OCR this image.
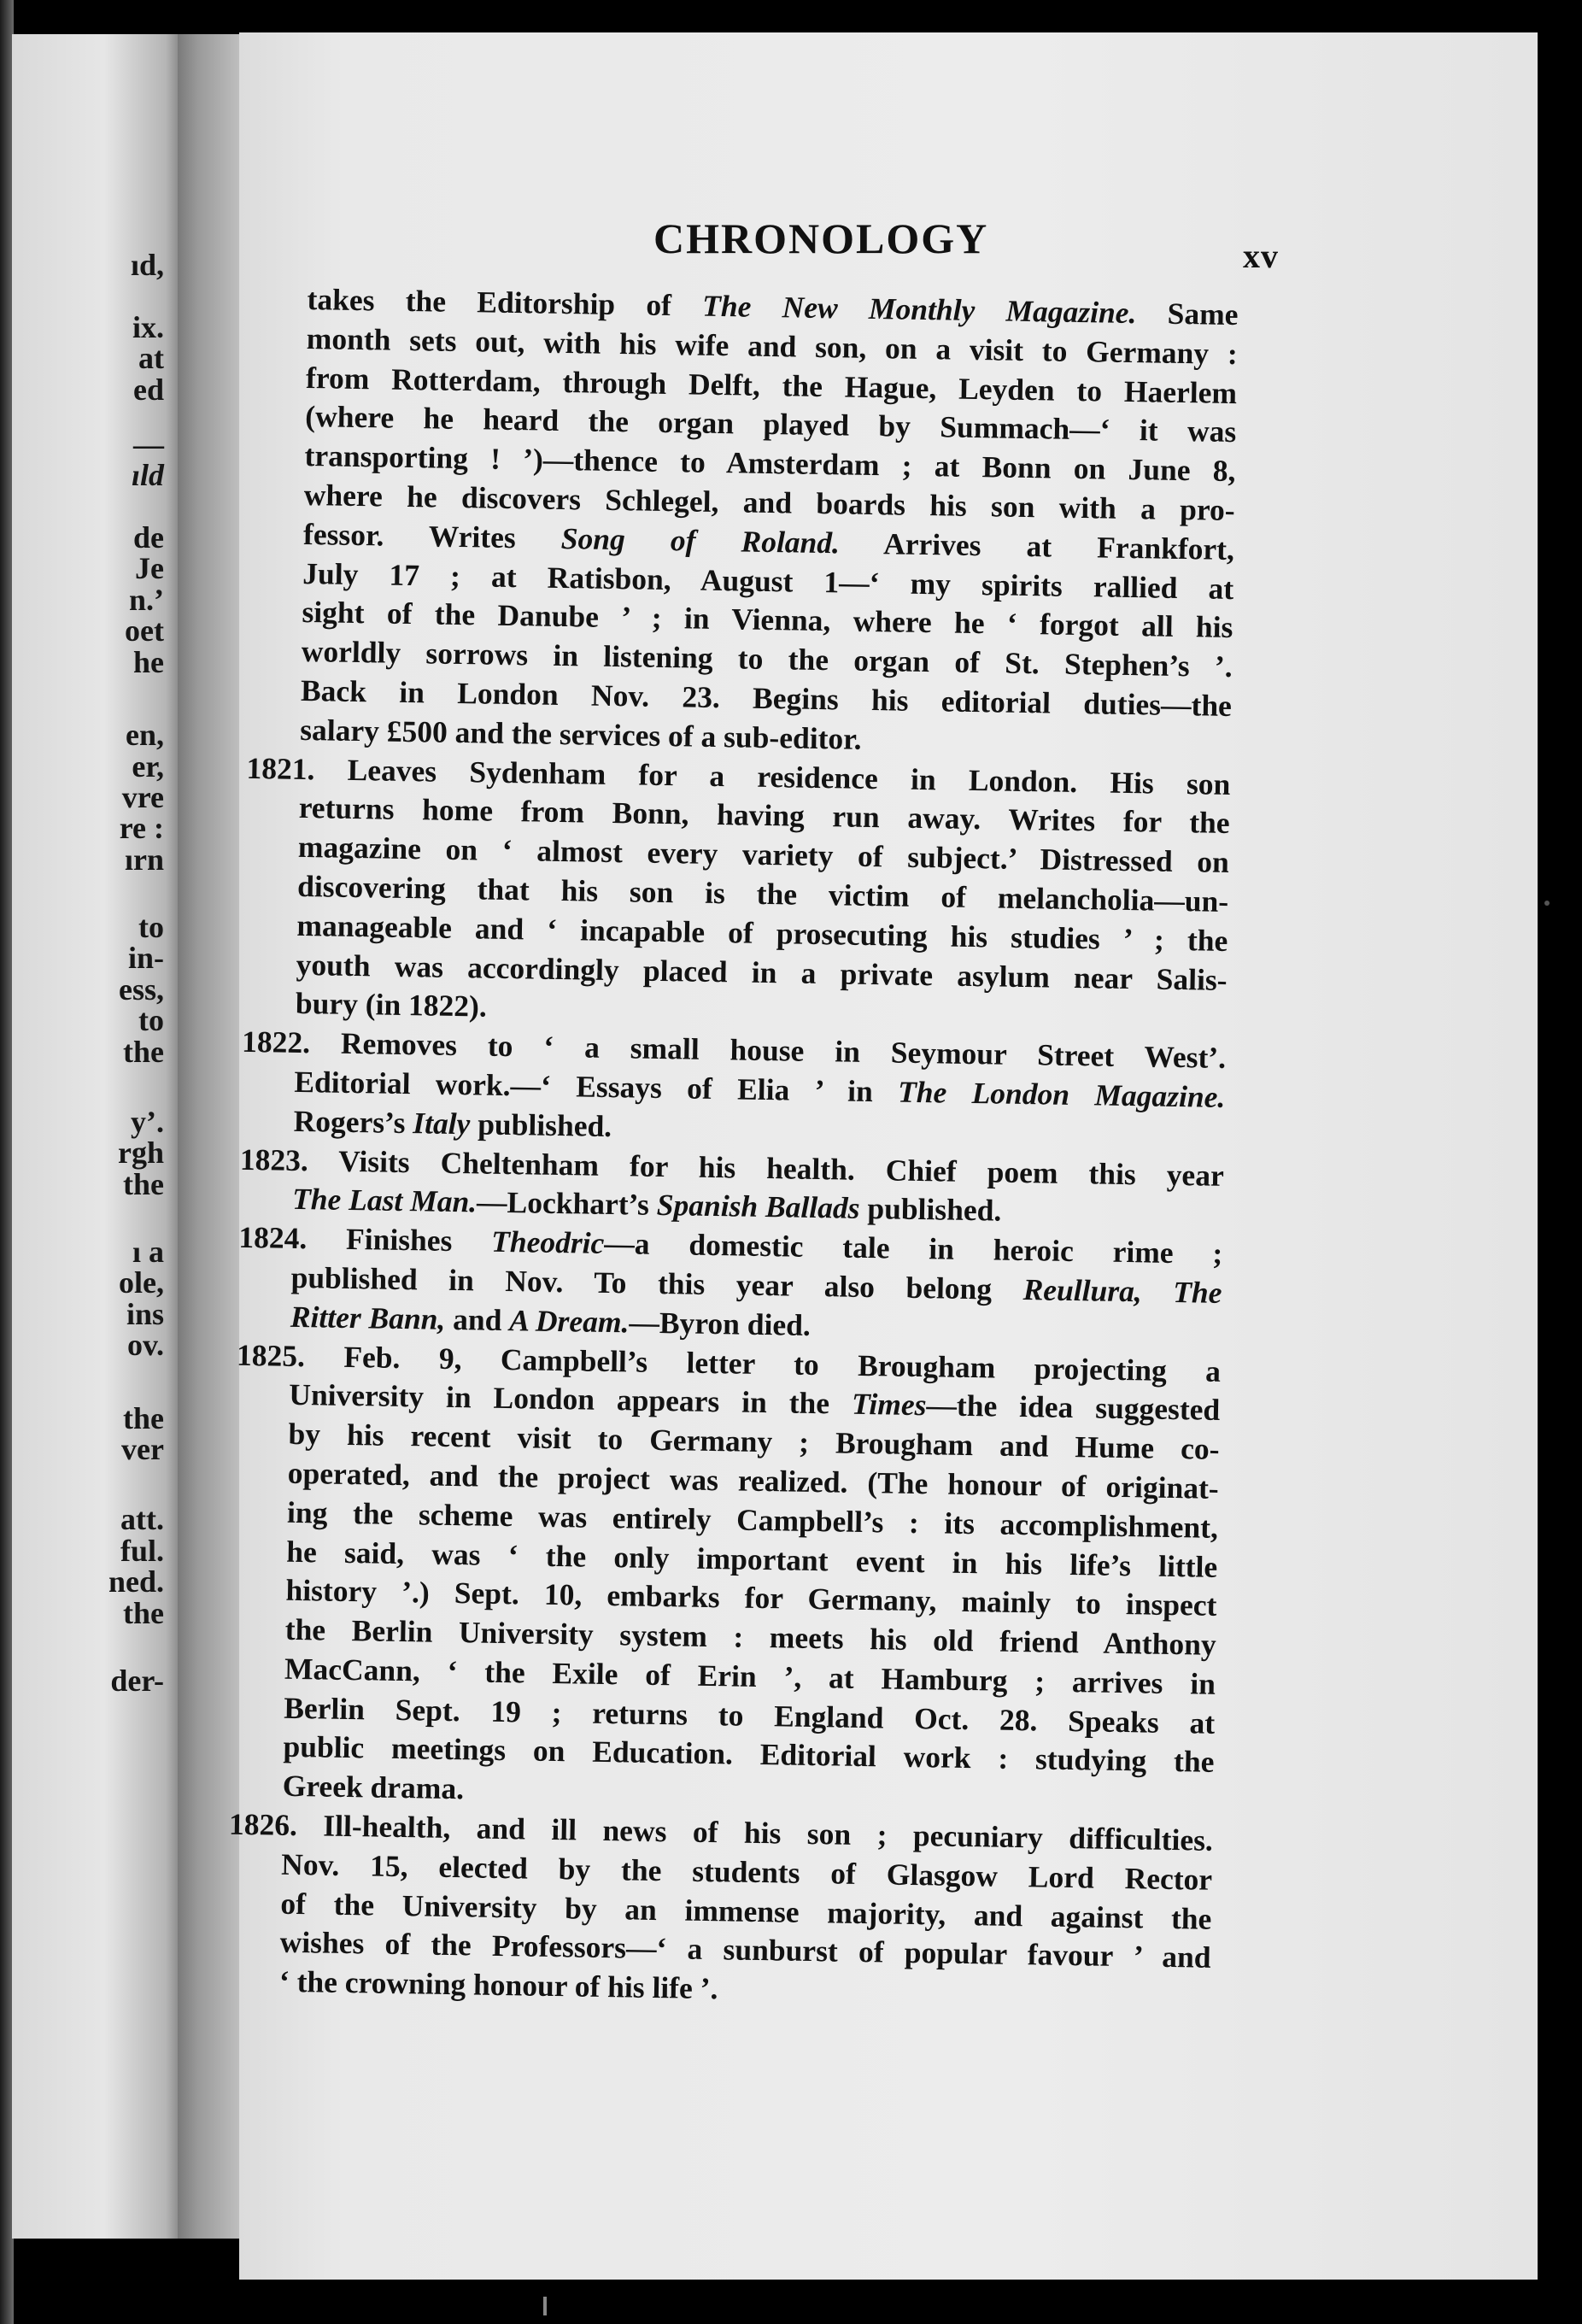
ıd,
ix.
at
ed
—
ıld
de
Je
n.’
oet
he
en,
er,
vre
re :
ırn
to
in-
ess,
to
the
y’.
rgh
the
ı a
ole,
ins
ov.
the
ver
att.
ful.
ned.
the
der-
CHRONOLOGY	xv
takes the Editorship of The New Monthly Magazine. Same
month sets out, with his wife and son, on a visit to Germany :
from Rotterdam, through Delft, the Hague, Leyden to Haerlem
(where he heard the organ played by Summach—‘ it was
transporting ! ’)—thence to Amsterdam ; at Bonn on June 8,
where he discovers Schlegel, and boards his son with a pro-
fessor. Writes Song of Roland. Arrives at Frankfort,
July 17 ; at Ratisbon, August 1—‘ my spirits rallied at
sight of the Danube ’ ; in Vienna, where he ‘ forgot all his
worldly sorrows in listening to the organ of St. Stephen’s ’.
Back in London Nov. 23. Begins his editorial duties—the
salary £500 and the services of a sub-editor.
1821. Leaves Sydenham for a residence in London. His son
returns home from Bonn, having run away. Writes for the
magazine on ‘ almost every variety of subject.’ Distressed on
discovering that his son is the victim of melancholia—un-
manageable and ‘ incapable of prosecuting his studies ’ ; the
youth was accordingly placed in a private asylum near Salis-
bury (in 1822).
1822. Removes to ‘ a small house in Seymour Street West’.
Editorial work.—‘ Essays of Elia ’ in The London Magazine.
Rogers’s Italy published.
1823. Visits Cheltenham for his health. Chief poem this year
The Last Man.—Lockhart’s Spanish Ballads published.
1824. Finishes Theodric—a domestic tale in heroic rime ;
published in Nov. To this year also belong Reullura, The
Ritter Bann, and A Dream.—Byron died.
1825. Feb. 9, Campbell’s letter to Brougham projecting a
University in London appears in the Times—the idea suggested
by his recent visit to Germany ; Brougham and Hume co-
operated, and the project was realized. (The honour of originat-
ing the scheme was entirely Campbell’s : its accomplishment,
he said, was ‘ the only important event in his life’s little
history ’.) Sept. 10, embarks for Germany, mainly to inspect
the Berlin University system : meets his old friend Anthony
MacCann, ‘ the Exile of Erin ’, at Hamburg ; arrives in
Berlin Sept. 19 ; returns to England Oct. 28. Speaks at
public meetings on Education. Editorial work : studying the
Greek drama.
1826. Ill-health, and ill news of his son ; pecuniary difficulties.
Nov. 15, elected by the students of Glasgow Lord Rector
of the University by an immense majority, and against the
wishes of the Professors—‘ a sunburst of popular favour ’ and
‘ the crowning honour of his life ’.
